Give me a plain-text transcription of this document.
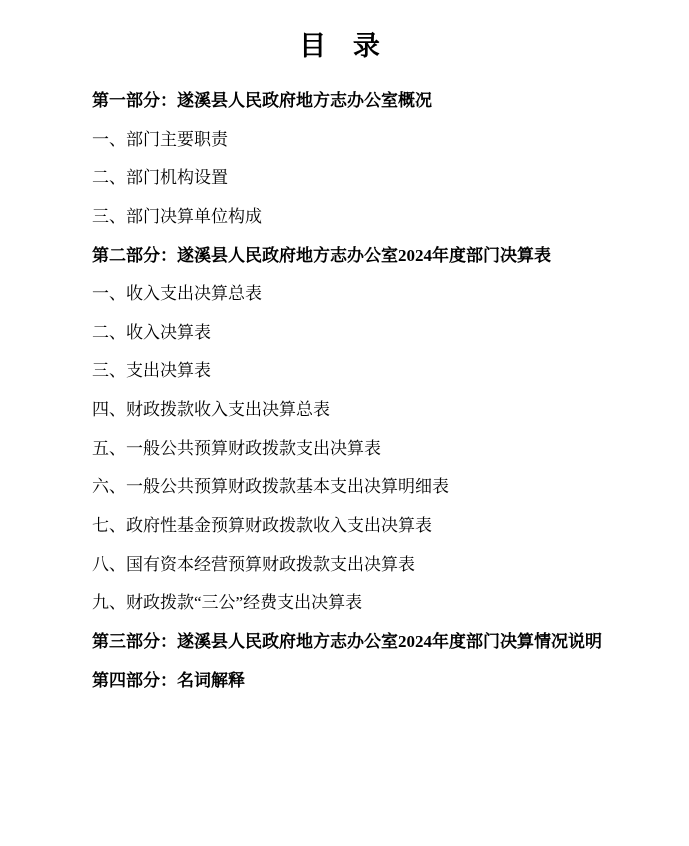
目 录
第一部分：遂溪县人民政府地方志办公室概况
一、部门主要职责
二、部门机构设置
三、部门决算单位构成
第二部分：遂溪县人民政府地方志办公室2024年度部门决算表
一、收入支出决算总表
二、收入决算表
三、支出决算表
四、财政拨款收入支出决算总表
五、一般公共预算财政拨款支出决算表
六、一般公共预算财政拨款基本支出决算明细表
七、政府性基金预算财政拨款收入支出决算表
八、国有资本经营预算财政拨款支出决算表
九、财政拨款“三公”经费支出决算表
第三部分：遂溪县人民政府地方志办公室2024年度部门决算情况说明
第四部分：名词解释
